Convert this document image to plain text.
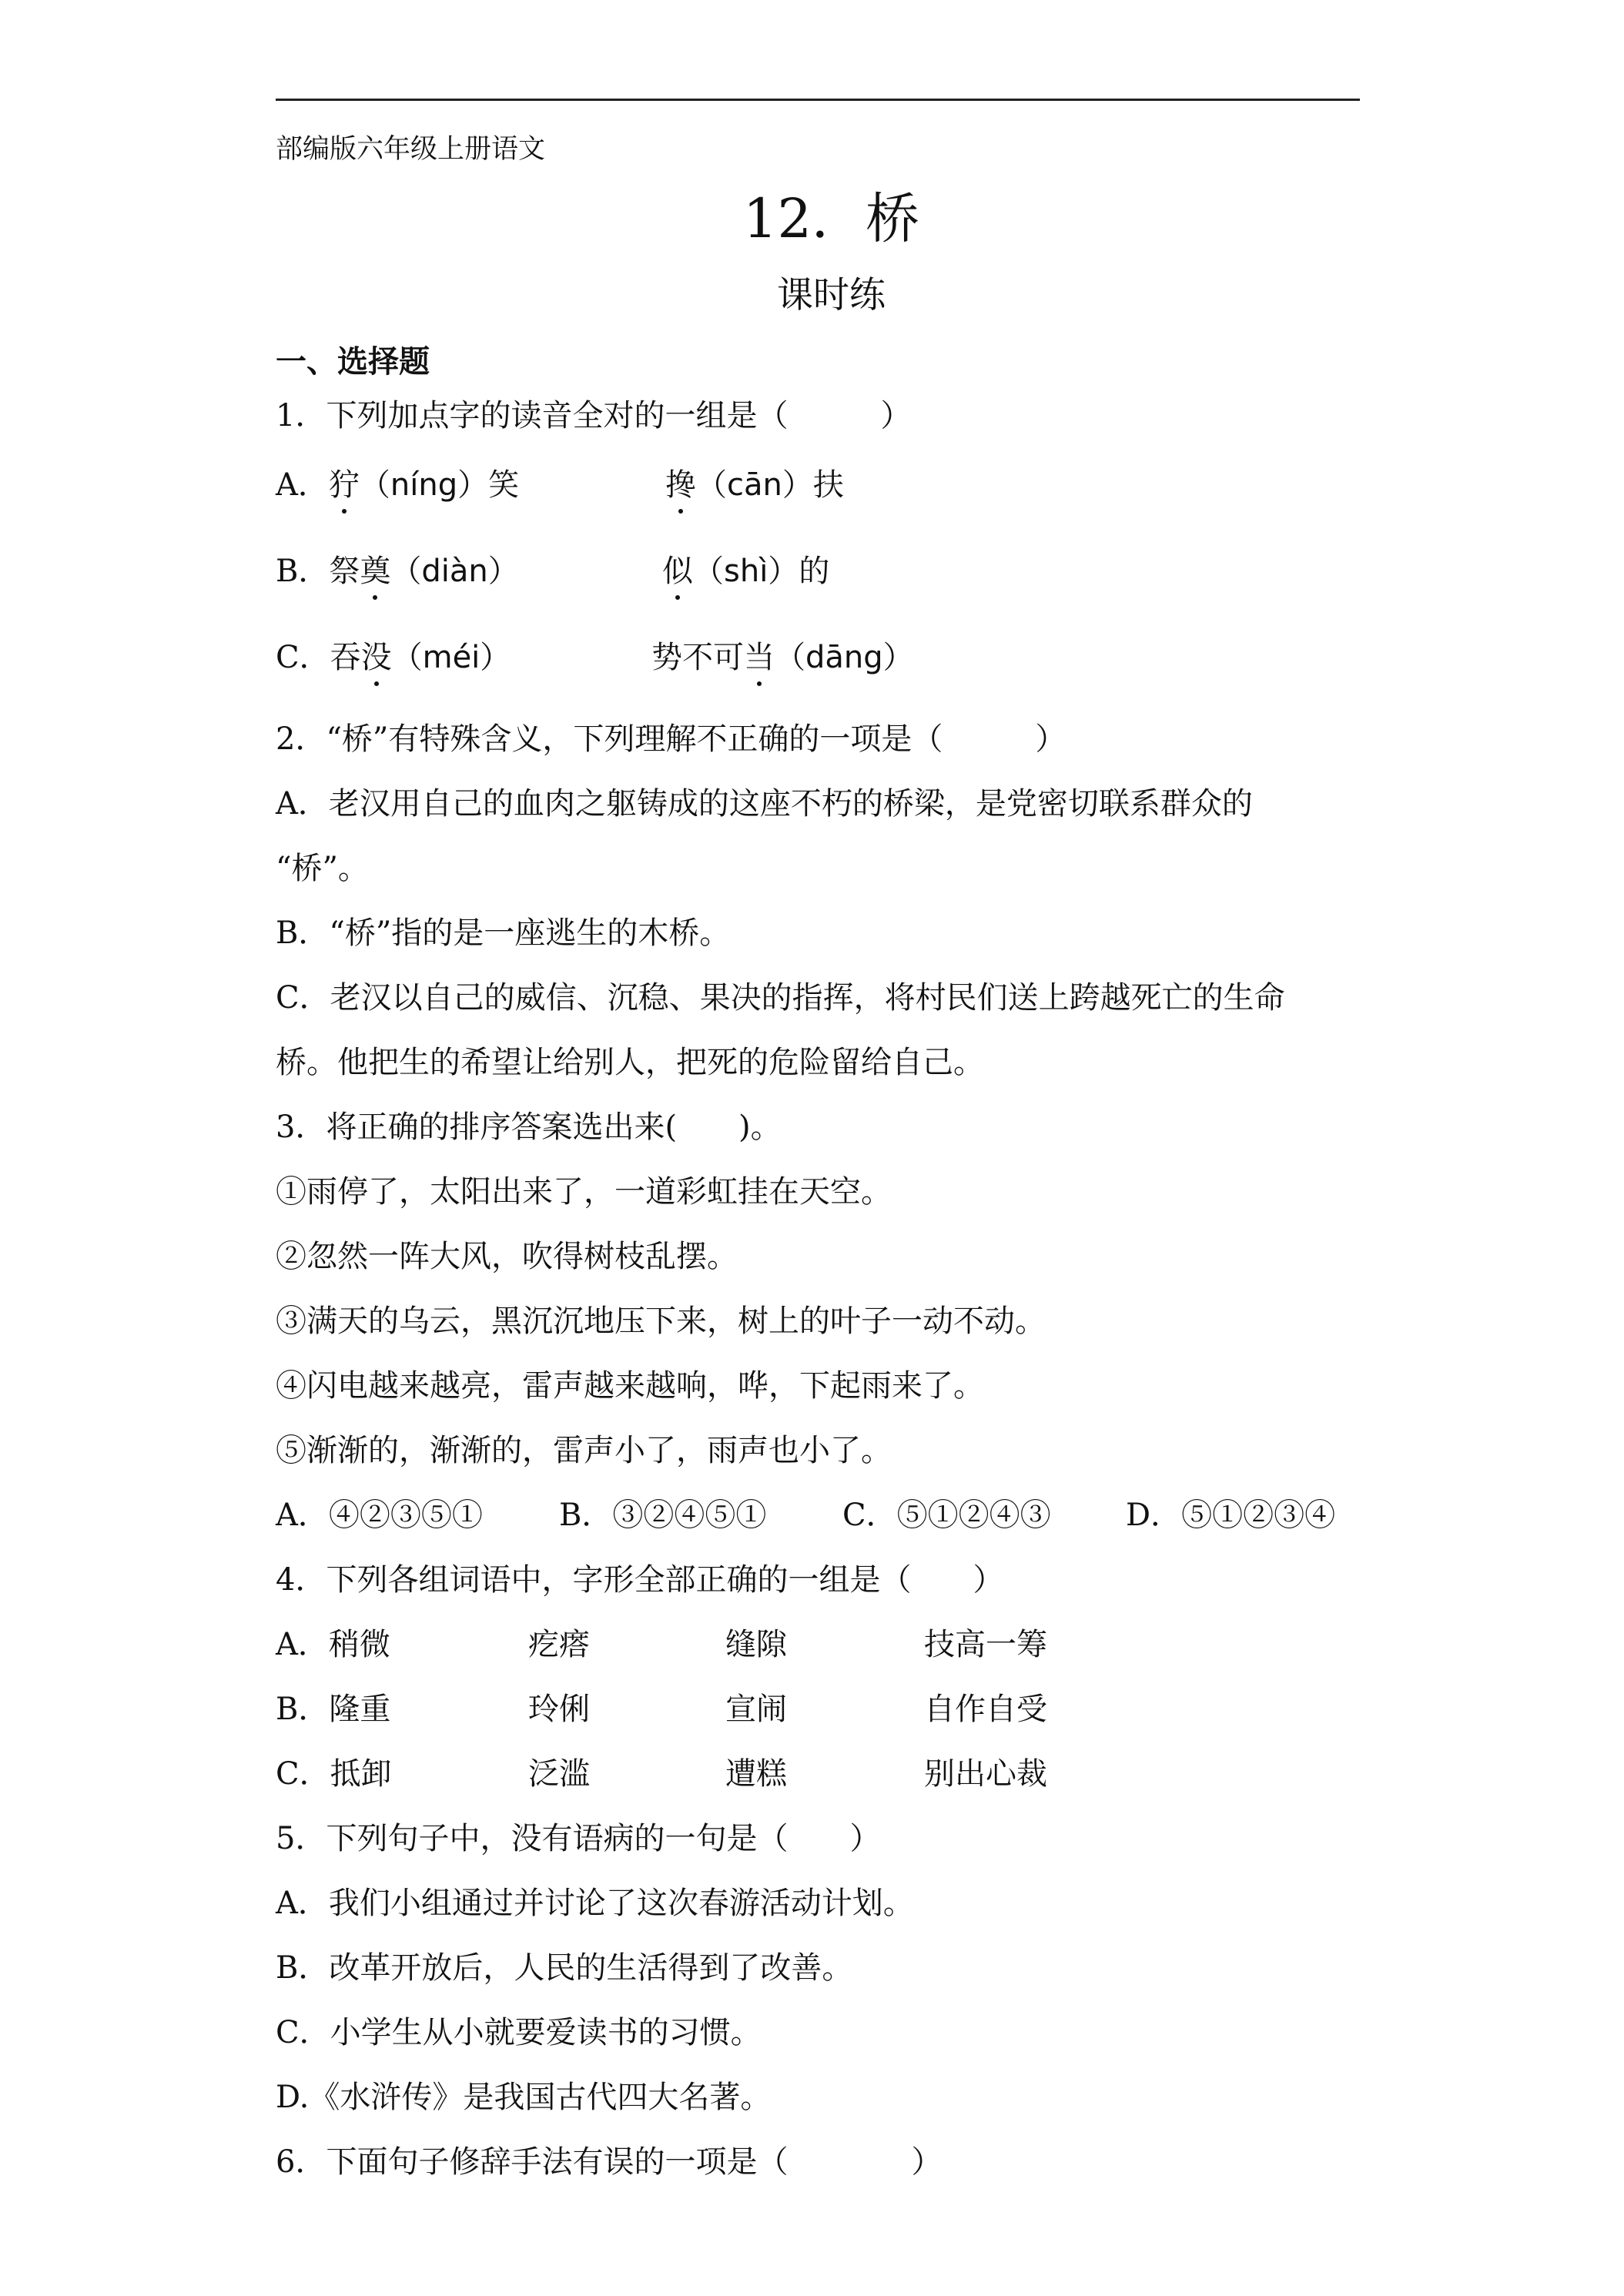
部编版六年级上册语文
12．桥
课时练
一、选择题
1．下列加点字的读音全对的一组是（　　　）
A．狞（níng）笑	搀（cān）扶
B．祭奠（diàn）	似（shì）的
C．吞没（méi）	势不可当（dāng）
2．“桥”有特殊含义，下列理解不正确的一项是（　　　）
A．老汉用自己的血肉之躯铸成的这座不朽的桥梁，是党密切联系群众的
“桥”。
B．“桥”指的是一座逃生的木桥。
C．老汉以自己的威信、沉稳、果决的指挥，将村民们送上跨越死亡的生命
桥。他把生的希望让给别人，把死的危险留给自己。
3．将正确的排序答案选出来(　　)。
①雨停了，太阳出来了，一道彩虹挂在天空。
②忽然一阵大风，吹得树枝乱摆。
③满天的乌云，黑沉沉地压下来，树上的叶子一动不动。
④闪电越来越亮，雷声越来越响，哗，下起雨来了。
⑤渐渐的，渐渐的，雷声小了，雨声也小了。
A．④②③⑤① B．③②④⑤① C．⑤①②④③ D．⑤①②③④
4．下列各组词语中，字形全部正确的一组是（　　）
A．稍微	疙瘩	缝隙	技高一筹
B．隆重	玲俐	宣闹	自作自受
C．抵卸	泛滥	遭糕	别出心裁
5．下列句子中，没有语病的一句是（　　）
A．我们小组通过并讨论了这次春游活动计划。
B．改革开放后，人民的生活得到了改善。
C．小学生从小就要爱读书的习惯。
D.《水浒传》是我国古代四大名著。
6．下面句子修辞手法有误的一项是（　　　　）
